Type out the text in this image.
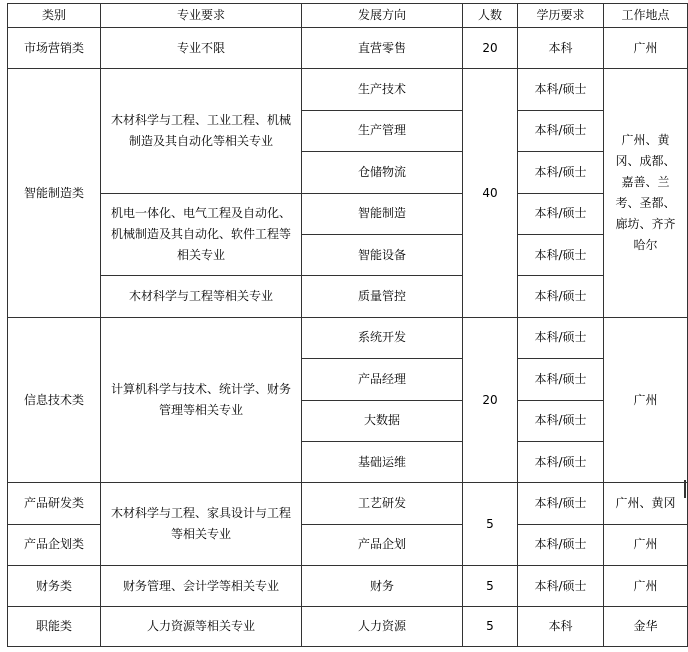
类别	专业要求	发展方向	人数	学历要求	工作地点
市场营销类	专业不限	直营零售	20	本科	广州
智能制造类	木材科学与工程、工业工程、机械制造及其自动化等相关专业	生产技术	40	本科/硕士	广州、黄冈、成都、嘉善、兰考、圣都、廊坊、齐齐哈尔
		生产管理		本科/硕士	
		仓储物流		本科/硕士	
	机电一体化、电气工程及自动化、机械制造及其自动化、软件工程等相关专业	智能制造		本科/硕士	
		智能设备		本科/硕士	
	木材科学与工程等相关专业	质量管控		本科/硕士	
信息技术类	计算机科学与技术、统计学、财务管理等相关专业	系统开发	20	本科/硕士	广州
		产品经理		本科/硕士	
		大数据		本科/硕士	
		基础运维		本科/硕士	
产品研发类	木材科学与工程、家具设计与工程等相关专业	工艺研发	5	本科/硕士	广州、黄冈
产品企划类		产品企划		本科/硕士	广州
财务类	财务管理、会计学等相关专业	财务	5	本科/硕士	广州
职能类	人力资源等相关专业	人力资源	5	本科	金华
